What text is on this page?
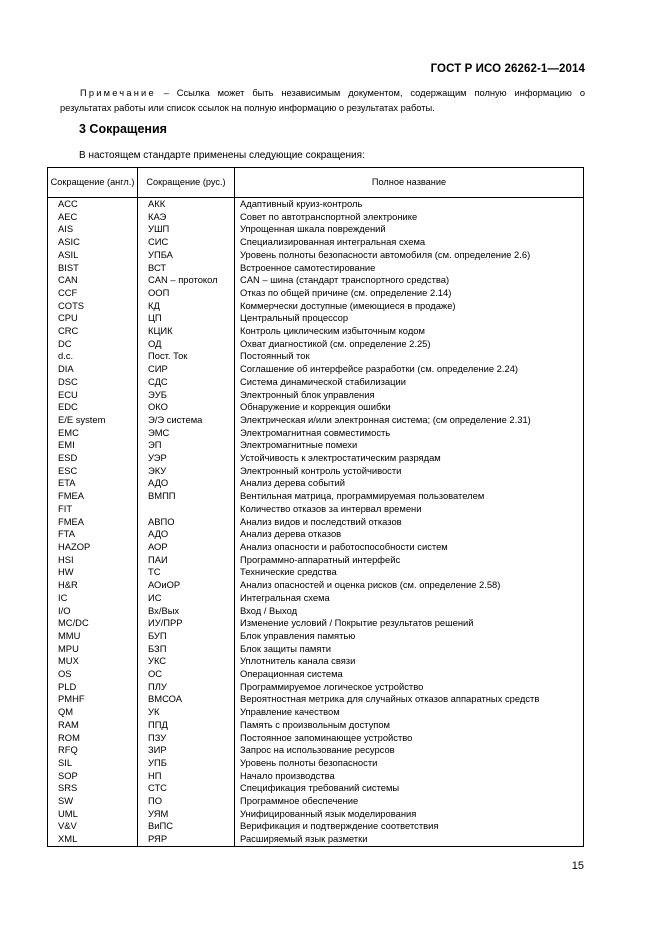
ГОСТ Р ИСО 26262-1—2014
Примечание – Ссылка может быть независимым документом, содержащим полную информацию о результатах работы или список ссылок на полную информацию о результатах работы.
3 Сокращения
В настоящем стандарте применены следующие сокращения:
Сокращение (англ.)	Сокращение (рус.)	Полное название
ACC	АКК	Адаптивный круиз-контроль
AEC	КАЭ	Совет по автотранспортной электронике
AIS	УШП	Упрощенная шкала повреждений
ASIC	СИС	Специализированная интегральная схема
ASIL	УПБА	Уровень полноты безопасности автомобиля (см. определение 2.6)
BIST	ВСТ	Встроенное самотестирование
CAN	CAN – протокол	CAN – шина (стандарт транспортного средства)
CCF	ООП	Отказ по общей причине (см. определение 2.14)
COTS	КД	Коммерчески доступные (имеющиеся в продаже)
CPU	ЦП	Центральный процессор
CRC	КЦИК	Контроль циклическим избыточным кодом
DC	ОД	Охват диагностикой (см. определение 2.25)
d.c.	Пост. Ток	Постоянный ток
DIA	СИР	Соглашение об интерфейсе разработки (см. определение 2.24)
DSC	СДС	Система динамической стабилизации
ECU	ЭУБ	Электронный блок управления
EDC	ОКО	Обнаружение и коррекция ошибки
E/E system	Э/Э система	Электрическая и/или электронная система; (см определение 2.31)
EMC	ЭМС	Электромагнитная совместимость
EMI	ЭП	Электромагнитные помехи
ESD	УЭР	Устойчивость к электростатическим разрядам
ESC	ЭКУ	Электронный контроль устойчивости
ETA	АДО	Анализ дерева событий
FMEA	ВМПП	Вентильная матрица, программируемая пользователем
FIT		Количество отказов за интервал времени
FMEA	АВПО	Анализ видов и последствий отказов
FTA	АДО	Анализ дерева отказов
HAZOP	АОР	Анализ опасности и работоспособности систем
HSI	ПАИ	Программно-аппаратный интерфейс
HW	ТС	Технические средства
H&R	АОиОР	Анализ опасностей и оценка рисков (см. определение 2.58)
IC	ИС	Интегральная схема
I/O	Вх/Вых	Вход / Выход
MC/DC	ИУ/ПРР	Изменение условий / Покрытие результатов решений
MMU	БУП	Блок управления памятью
MPU	БЗП	Блок защиты памяти
MUX	УКС	Уплотнитель канала связи
OS	ОС	Операционная система
PLD	ПЛУ	Программируемое логическое устройство
PMHF	ВМСОА	Вероятностная метрика для случайных отказов аппаратных средств
QM	УК	Управление качеством
RAM	ППД	Память с произвольным доступом
ROM	ПЗУ	Постоянное запоминающее устройство
RFQ	ЗИР	Запрос на использование ресурсов
SIL	УПБ	Уровень полноты безопасности
SOP	НП	Начало производства
SRS	СТС	Спецификация требований системы
SW	ПО	Программное обеспечение
UML	УЯМ	Унифицированный язык моделирования
V&V	ВиПС	Верификация и подтверждение соответствия
XML	РЯР	Расширяемый язык разметки
15
